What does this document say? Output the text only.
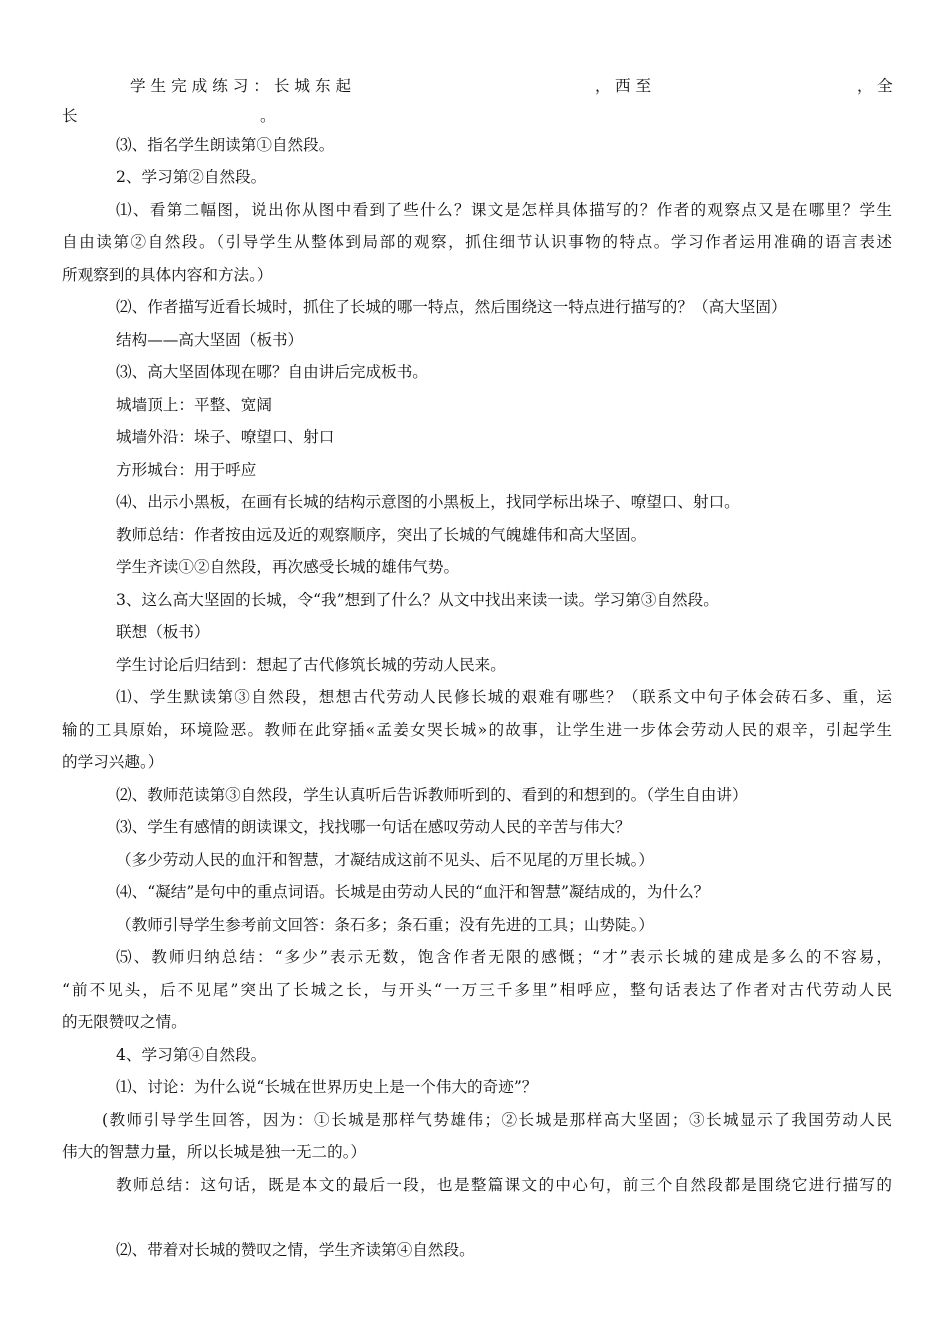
学 生 完 成 练 习 ： 长 城 东 起	， 西 至	， 全
长	。
⑶、指名学生朗读第①自然段。
2、学习第②自然段。
⑴、看第二幅图，说出你从图中看到了些什么？课文是怎样具体描写的？作者的观察点又是在哪里？学生
自由读第②自然段。（引导学生从整体到局部的观察，抓住细节认识事物的特点。学习作者运用准确的语言表述
所观察到的具体内容和方法。）
⑵、作者描写近看长城时，抓住了长城的哪一特点，然后围绕这一特点进行描写的？（高大坚固）
结构——高大坚固（板书）
⑶、高大坚固体现在哪？自由讲后完成板书。
城墙顶上：平整、宽阔
城墙外沿：垛子、嘹望口、射口
方形城台：用于呼应
⑷、出示小黑板，在画有长城的结构示意图的小黑板上，找同学标出垛子、嘹望口、射口。
教师总结：作者按由远及近的观察顺序，突出了长城的气魄雄伟和高大坚固。
学生齐读①②自然段，再次感受长城的雄伟气势。
3、这么高大坚固的长城，令“我”想到了什么？从文中找出来读一读。学习第③自然段。
联想（板书）
学生讨论后归结到：想起了古代修筑长城的劳动人民来。
⑴、学生默读第③自然段，想想古代劳动人民修长城的艰难有哪些？（联系文中句子体会砖石多、重，运
输的工具原始，环境险恶。教师在此穿插«孟姜女哭长城»的故事，让学生进一步体会劳动人民的艰辛，引起学生
的学习兴趣。）
⑵、教师范读第③自然段，学生认真听后告诉教师听到的、看到的和想到的。（学生自由讲）
⑶、学生有感情的朗读课文，找找哪一句话在感叹劳动人民的辛苦与伟大？
（多少劳动人民的血汗和智慧，才凝结成这前不见头、后不见尾的万里长城。）
⑷、“凝结”是句中的重点词语。长城是由劳动人民的“血汗和智慧”凝结成的，为什么？
（教师引导学生参考前文回答：条石多；条石重；没有先进的工具；山势陡。）
⑸、教师归纳总结：“多少”表示无数，饱含作者无限的感慨；“才”表示长城的建成是多么的不容易，
“前不见头，后不见尾”突出了长城之长，与开头“一万三千多里”相呼应，整句话表达了作者对古代劳动人民
的无限赞叹之情。
4、学习第④自然段。
⑴、讨论：为什么说“长城在世界历史上是一个伟大的奇迹”？
(教师引导学生回答，因为：①长城是那样气势雄伟；②长城是那样高大坚固；③长城显示了我国劳动人民
伟大的智慧力量，所以长城是独一无二的。）
教师总结：这句话，既是本文的最后一段，也是整篇课文的中心句，前三个自然段都是围绕它进行描写的
⑵、带着对长城的赞叹之情，学生齐读第④自然段。
